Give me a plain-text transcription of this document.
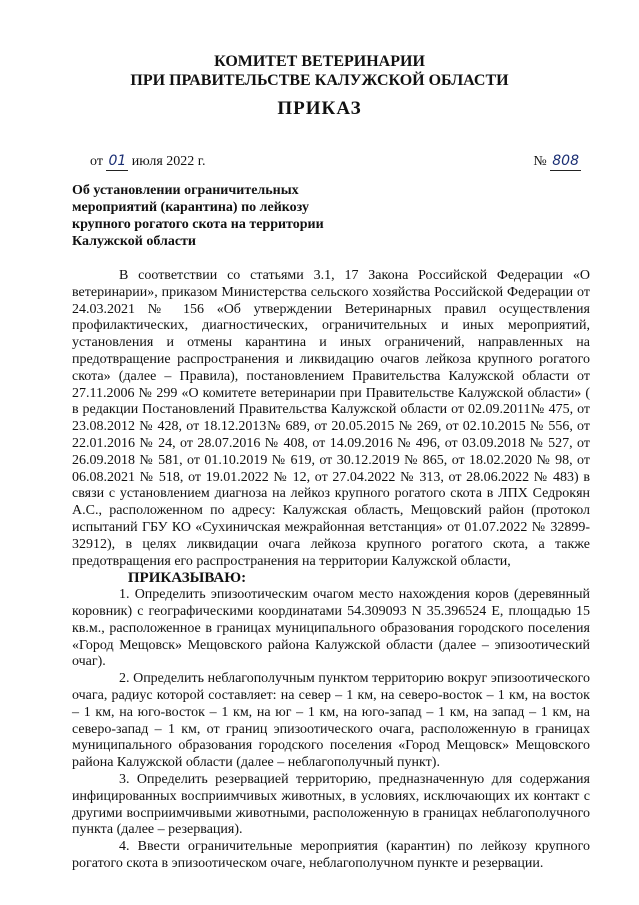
КОМИТЕТ ВЕТЕРИНАРИИ
ПРИ ПРАВИТЕЛЬСТВЕ КАЛУЖСКОЙ ОБЛАСТИ
ПРИКАЗ
от 01 июля 2022 г.	№ 808
Об установлении ограничительных
мероприятий (карантина) по лейкозу
крупного рогатого скота на территории
Калужской области
В соответствии со статьями 3.1, 17 Закона Российской Федерации «О
ветеринарии», приказом Министерства сельского хозяйства Российской Федерации от
24.03.2021 № 156 «Об утверждении Ветеринарных правил осуществления
профилактических, диагностических, ограничительных и иных мероприятий,
установления и отмены карантина и иных ограничений, направленных на
предотвращение распространения и ликвидацию очагов лейкоза крупного рогатого
скота» (далее – Правила), постановлением Правительства Калужской области от
27.11.2006 № 299 «О комитете ветеринарии при Правительстве Калужской области» (
в редакции Постановлений Правительства Калужской области от 02.09.2011№ 475, от
23.08.2012 № 428, от 18.12.2013№ 689, от 20.05.2015 № 269, от 02.10.2015 № 556, от
22.01.2016 № 24, от 28.07.2016 № 408, от 14.09.2016 № 496, от 03.09.2018 № 527, от
26.09.2018 № 581, от 01.10.2019 № 619, от 30.12.2019 № 865, от 18.02.2020 № 98, от
06.08.2021 № 518, от 19.01.2022 № 12, от 27.04.2022 № 313, от 28.06.2022 № 483) в
связи с установлением диагноза на лейкоз крупного рогатого скота в ЛПХ Седрокян
А.С., расположенном по адресу: Калужская область, Мещовский район (протокол
испытаний ГБУ КО «Сухиничская межрайонная ветстанция» от 01.07.2022 № 32899-
32912), в целях ликвидации очага лейкоза крупного рогатого скота, а также
предотвращения его распространения на территории Калужской области,
ПРИКАЗЫВАЮ:
1. Определить эпизоотическим очагом место нахождения коров (деревянный
коровник) с географическими координатами 54.309093 N 35.396524 E, площадью 15
кв.м., расположенное в границах муниципального образования городского поселения
«Город Мещовск» Мещовского района Калужской области (далее – эпизоотический
очаг).
2. Определить неблагополучным пунктом территорию вокруг эпизоотического
очага, радиус которой составляет: на север – 1 км, на северо-восток – 1 км, на восток
– 1 км, на юго-восток – 1 км, на юг – 1 км, на юго-запад – 1 км, на запад – 1 км, на
северо-запад – 1 км, от границ эпизоотического очага, расположенную в границах
муниципального образования городского поселения «Город Мещовск» Мещовского
района Калужской области (далее – неблагополучный пункт).
3. Определить резервацией территорию, предназначенную для содержания
инфицированных восприимчивых животных, в условиях, исключающих их контакт с
другими восприимчивыми животными, расположенную в границах неблагополучного
пункта (далее – резервация).
4. Ввести ограничительные мероприятия (карантин) по лейкозу крупного
рогатого скота в эпизоотическом очаге, неблагополучном пункте и резервации.
